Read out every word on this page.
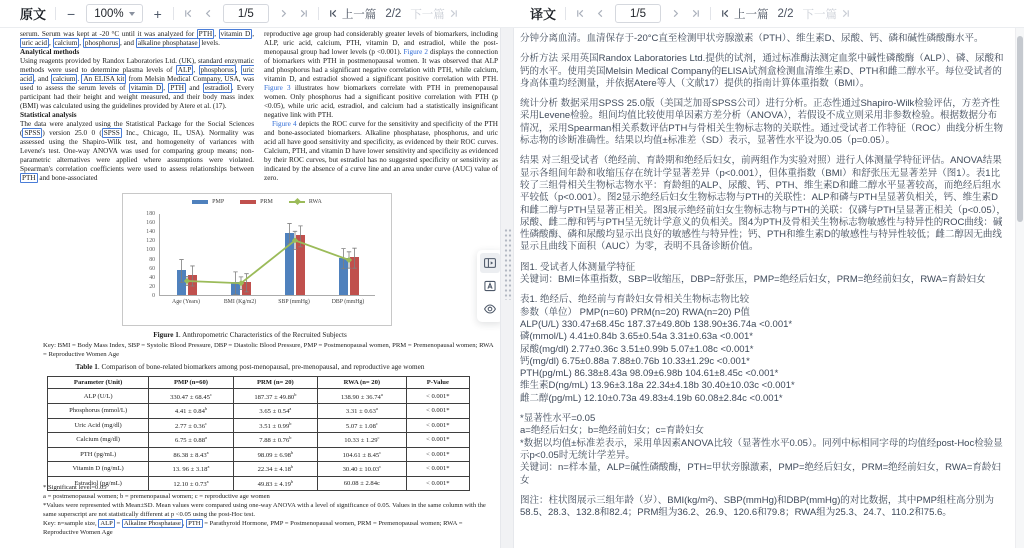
原文 − 100% +	1/5	上一篇 2/2 下一篇	译文	1/5	上一篇 2/2 下一篇

serum. Serum was kept at -20 °C until it was analyzed for PTH , vitamin D , uric acid , calcium , phosphorus , and alkaline phosphatase levels.

Analytical methods

Using reagents provided by Randox Laboratories Ltd. (UK), standard enzymatic methods were used to determine plasma levels of ALP , phosphorus , uric acid , and calcium . An ELISA kit from Melsin Medical Company, USA, was used to assess the serum levels of vitamin D , PTH and estradiol . Every participant had their height and weight measured, and their body mass index (BMI) was calculated using the guidelines provided by Atere et al. (17).

Statistical analysis

The data were analyzed using the Statistical Package for the Social Sciences ( SPSS ) version 25.0 0 ( SPSS Inc., Chicago, IL, USA). Normality was assessed using the Shapiro-Wilk test, and homogeneity of variances with Levene's test. One-way ANOVA was used for comparing group means; non-parametric alternatives were applied where assumptions were violated. Spearman's correlation coefficients were used to assess relationships between PTH and bone-associated

reproductive age group had considerably greater levels of biomarkers, including ALP, uric acid, calcium, PTH, vitamin D, and estradiol, while the post-menopausal group had lower levels (p <0.001). Figure 2 displays the connection of biomarkers with PTH in postmenopausal women. It was observed that ALP and phosphorus had a significant negative correlation with PTH, while calcium, vitamin D, and estradiol showed a significant positive correlation with PTH. Figure 3 illustrates how biomarkers correlate with PTH in premenopausal women. Only phosphorus had a significant positive correlation with PTH (p <0.05), while uric acid, estradiol, and calcium had a statistically insignificant negative link with PTH.

Figure 4 depicts the ROC curve for the sensitivity and specificity of the PTH and bone-associated biomarkers. Alkaline phosphatase, phosphorus, and uric acid all have good sensitivity and specificity, as evidenced by their ROC curves. Calcium, PTH, and vitamin D have lower sensitivity and specificity as evidenced by their ROC curves, but estradiol has no suggested specificity or sensitivity as indicated by the absence of a curve line and an area under curve (AUC) value of zero.

PMP	PRM	RWA
0
20
40
60
80
100
120
140
160
180
Age (Years)	BMI (Kg/m2)	SBP (mmHg)	DBP (mmHg)
Figure 1. Anthropometric Characteristics of the Recruited Subjects
Key: BMI = Body Mass Index, SBP = Systolic Blood Pressure, DBP = Diastolic Blood Pressure, PMP = Postmenopausal women, PRM = Premenopausal women; RWA = Reproductive Women Age
Table 1. Comparison of bone-related biomarkers among post-menopausal, pre-menopausal, and reproductive age women
Parameter (Unit)	PMP (n=60)	PRM (n= 20)	RWA (n= 20)	P-Value
ALP (U/L)	330.47 ± 68.45$^c$	187.37 ± 49.80$^b$	138.90 ± 36.74$^a$	< 0.001*
Phosphorus (mmol/L)	4.41 ± 0.84$^b$	3.65 ± 0.54$^a$	3.31 ± 0.63$^a$	< 0.001*
Uric Acid (mg/dl)	2.77 ± 0.36$^c$	3.51 ± 0.99$^b$	5.07 ± 1.08$^c$	< 0.001*
Calcium (mg/dl)	6.75 ± 0.88$^a$	7.88 ± 0.76$^b$	10.33 ± 1.29$^c$	< 0.001*
PTH (pg/mL)	86.38 ± 8.43$^a$	98.09 ± 6.98$^b$	104.61 ± 8.45$^c$	< 0.001*
Vitamin D (ng/mL)	13. 96 ± 3.18$^a$	22.34 ± 4.18$^b$	30.40 ± 10.03$^c$	< 0.001*
Estradiol (pg/mL)	12.10 ± 0.73$^a$	49.83 ± 4.19$^b$	60.08 ± 2.84c	< 0.001*
* Significant level=0.05
a = postmenopausal women; b = premenopausal women; c = reproductive age women
*Values were represented with Mean±SD. Mean values were compared using one-way ANOVA with a level of significance of 0.05. Values in the same column with the same superscript are not statistically different at p <0.05 using the post-Hoc test.
Key: n=sample size, ALP = Alkaline Phosphatase , PTH = Parathyroid Hormone, PMP = Postmenopausal women, PRM = Premenopausal women; RWA = Reproductive Women Age
分钟分离血清。血清保存于-20°C直至检测甲状旁腺激素（PTH）、维生素D、尿酸、钙、磷和碱性磷酸酶水平。
分析方法 采用英国Randox Laboratories Ltd.提供的试剂，通过标准酶法测定血浆中碱性磷酸酶（ALP）、磷、尿酸和钙的水平。使用美国Melsin Medical Company的ELISA试剂盒检测血清维生素D、PTH和雌二醇水平。每位受试者的身高体重均经测量，并依据Atere等人（文献17）提供的指南计算体重指数（BMI）。
统计分析 数据采用SPSS 25.0版（美国芝加哥SPSS公司）进行分析。正态性通过Shapiro-Wilk检验评估，方差齐性采用Levene检验。组间均值比较使用单因素方差分析（ANOVA），若假设不成立则采用非参数检验。根据数据分布情况，采用Spearman相关系数评估PTH与骨相关生物标志物的关联性。通过受试者工作特征（ROC）曲线分析生物标志物的诊断准确性。结果以均值±标准差（SD）表示，显著性水平设为0.05（p=0.05）。
结果 对三组受试者（绝经前、育龄期和绝经后妇女，前两组作为实验对照）进行人体测量学特征评估。ANOVA结果显示各组间年龄和收缩压存在统计学显著差异（p<0.001），但体重指数（BMI）和舒张压无显著差异（图1）。表1比较了三组骨相关生物标志物水平：育龄组的ALP、尿酸、钙、PTH、维生素D和雌二醇水平显著较高，而绝经后组水平较低（p<0.001）。图2显示绝经后妇女生物标志物与PTH的关联性：ALP和磷与PTH呈显著负相关，钙、维生素D和雌二醇与PTH呈显著正相关。图3展示绝经前妇女生物标志物与PTH的关联：仅磷与PTH呈显著正相关（p<0.05），尿酸、雌二醇和钙与PTH呈无统计学意义的负相关。图4为PTH及骨相关生物标志物敏感性与特异性的ROC曲线：碱性磷酸酶、磷和尿酸均显示出良好的敏感性与特异性；钙、PTH和维生素D的敏感性与特异性较低；雌二醇因无曲线显示且曲线下面积（AUC）为零，表明不具备诊断价值。
图1. 受试者人体测量学特征
关键词：BMI=体重指数，SBP=收缩压，DBP=舒张压，PMP=绝经后妇女，PRM=绝经前妇女，RWA=育龄妇女
表1. 绝经后、绝经前与育龄妇女骨相关生物标志物比较
参数（单位） PMP(n=60) PRM(n=20) RWA(n=20) P值
ALP(U/L) 330.47±68.45c 187.37±49.80b 138.90±36.74a <0.001*
磷(mmol/L) 4.41±0.84b 3.65±0.54a 3.31±0.63a <0.001*
尿酸(mg/dl) 2.77±0.36c 3.51±0.99b 5.07±1.08c <0.001*
钙(mg/dl) 6.75±0.88a 7.88±0.76b 10.33±1.29c <0.001*
PTH(pg/mL) 86.38±8.43a 98.09±6.98b 104.61±8.45c <0.001*
维生素D(ng/mL) 13.96±3.18a 22.34±4.18b 30.40±10.03c <0.001*
雌二醇(pg/mL) 12.10±0.73a 49.83±4.19b 60.08±2.84c <0.001*
*显著性水平=0.05
a=绝经后妇女；b=绝经前妇女；c=育龄妇女
*数据以均值±标准差表示，采用单因素ANOVA比较（显著性水平0.05）。同列中标相同字母的均值经post-Hoc检验显示p<0.05时无统计学差异。
关键词：n=样本量，ALP=碱性磷酸酶，PTH=甲状旁腺激素，PMP=绝经后妇女，PRM=绝经前妇女，RWA=育龄妇女
图注：柱状图展示三组年龄（岁）、BMI(kg/m²)、SBP(mmHg)和DBP(mmHg)的对比数据，其中PMP组柱高分别为58.5、28.3、132.8和82.4；PRM组为36.2、26.9、120.6和79.8；RWA组为25.3、24.7、110.2和75.6。
